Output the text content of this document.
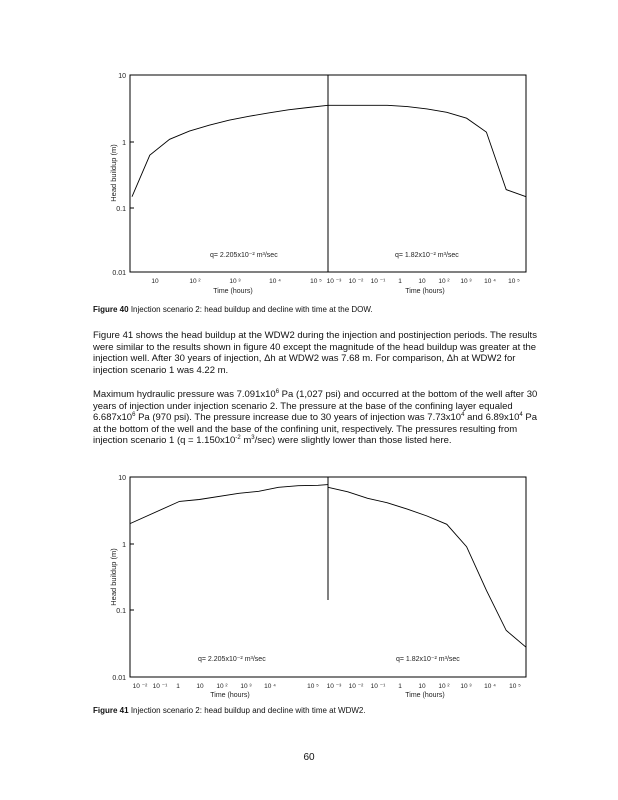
10
1
0.1
0.01
Head buildup (m)
10	10 ²	10 ³	10 ⁴	10 ⁵ 10 ⁻³ 10 ⁻² 10 ⁻¹ 1	10 10 ² 10 ³ 10 ⁴ 10 ⁵
Time (hours)	Time (hours)
q= 2.205x10⁻² m³/sec	q= 1.82x10⁻² m³/sec
10
1
0.1
0.01
Head buildup (m)
10 ⁻² 10 ⁻¹ 1	10 10 ² 10 ³ 10 ⁴	10 ⁵ 10 ⁻³ 10 ⁻² 10 ⁻¹ 1	10 10 ² 10 ³ 10 ⁴ 10 ⁵
Time (hours)	Time (hours)
q= 2.205x10⁻² m³/sec	q= 1.82x10⁻² m³/sec
Figure 40 Injection scenario 2: head buildup and decline with time at the DOW.

Figure 41 shows the head buildup at the WDW2 during the injection and postinjection periods. The results were similar to the results shown in figure 40 except the magnitude of the head buildup was greater at the injection well. After 30 years of injection, Δh at WDW2 was 7.68 m. For comparison, Δh at WDW2 for injection scenario 1 was 4.22 m.

Maximum hydraulic pressure was $7.091x10^6$ Pa (1,027 psi) and occurred at the bottom of the well after 30 years of injection under injection scenario 2. The pressure at the base of the confining layer equaled $6.687x10^6$ Pa (970 psi). The pressure increase due to 30 years of injection was $7.73x10^4$ and $6.89x10^4$ Pa at the bottom of the well and the base of the confining unit, respectively. The pressures resulting from injection scenario 1 ($q = 1.150x10^{-2}$ $m^3/\sec$) were slightly lower than those listed here.

Figure 41 Injection scenario 2: head buildup and decline with time at WDW2.
60
